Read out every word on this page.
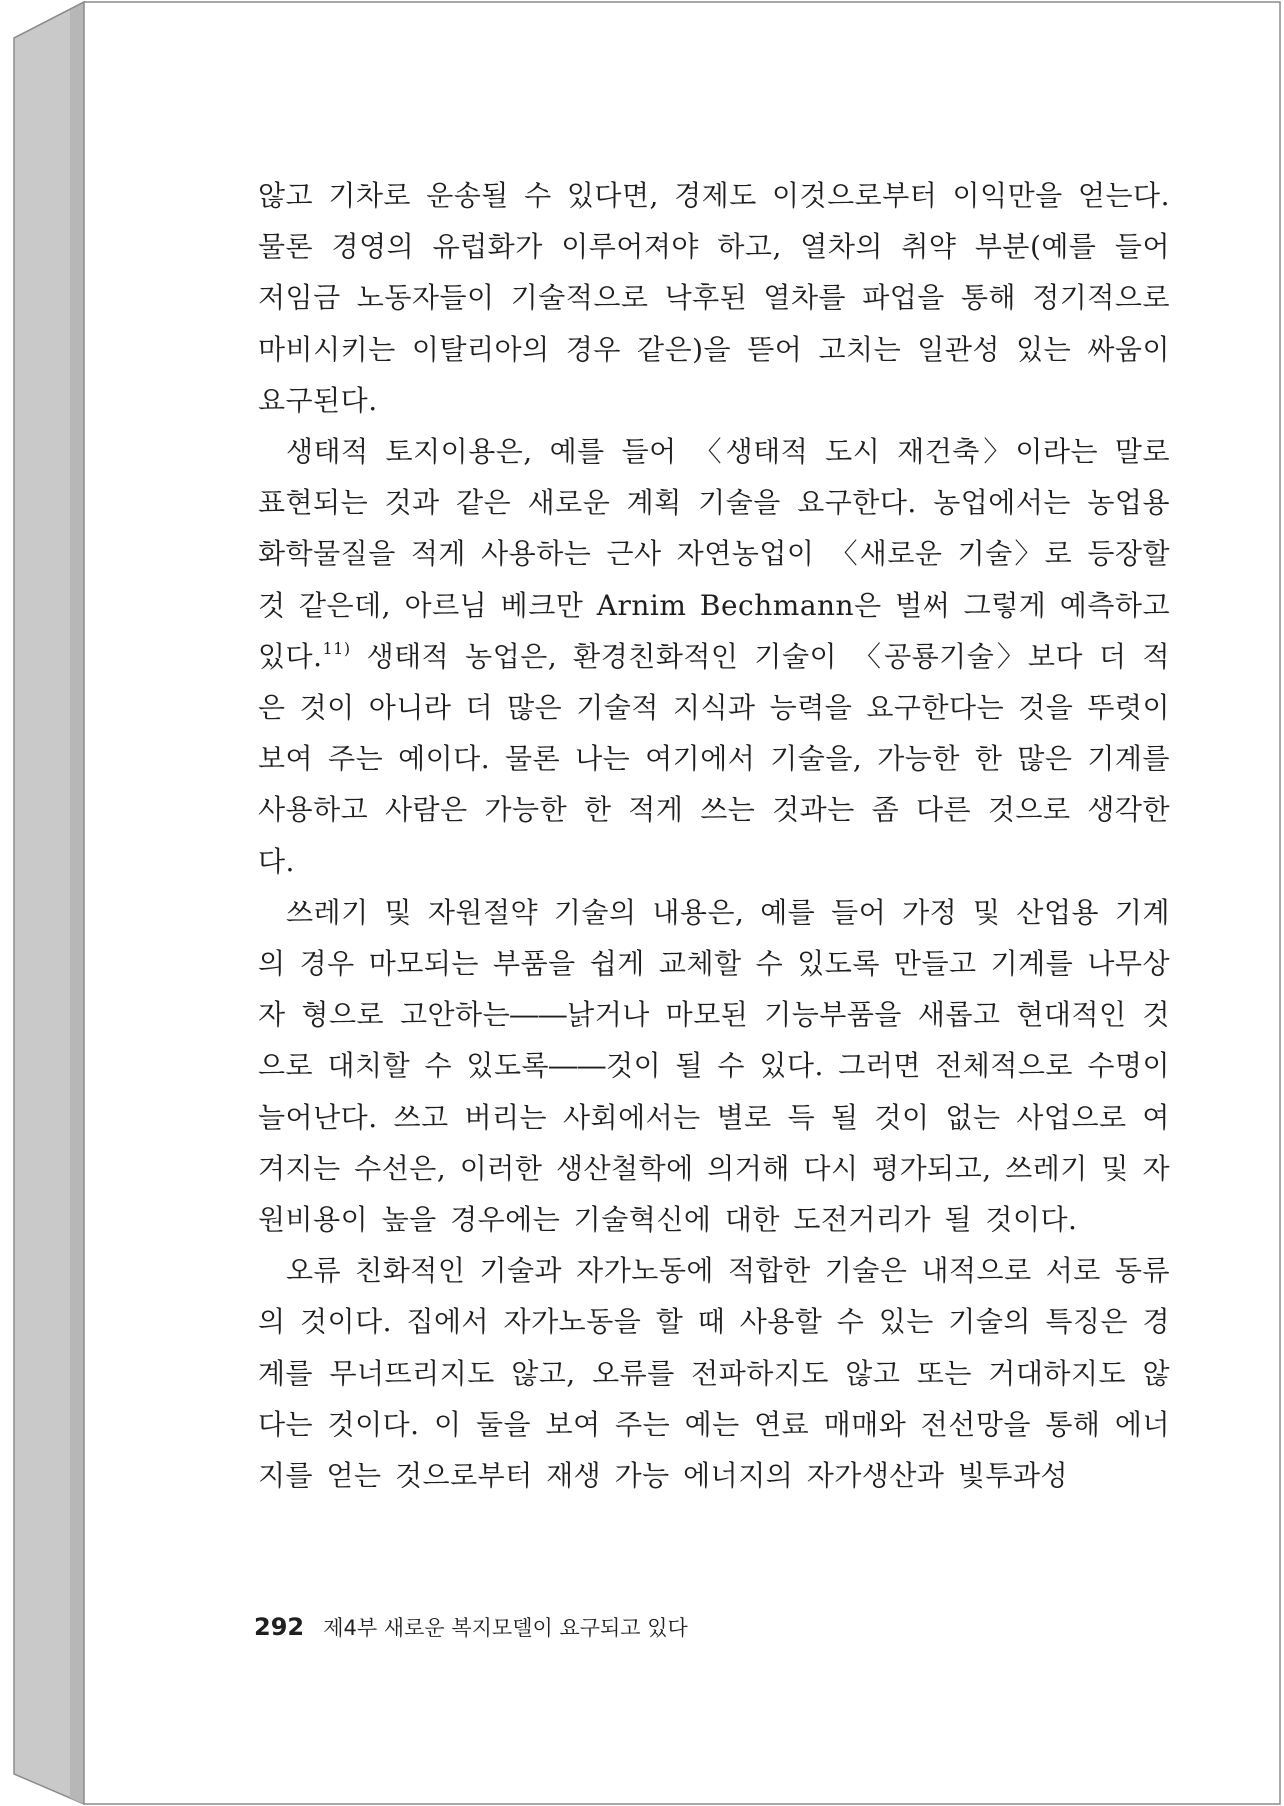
않고 기차로 운송될 수 있다면, 경제도 이것으로부터 이익만을 얻는다. 물론 경영의 유럽화가 이루어져야 하고, 열차의 취약 부분(예를 들어 저임금 노동자들이 기술적으로 낙후된 열차를 파업을 통해 정기적으로 마비시키는 이탈리아의 경우 같은)을 뜯어 고치는 일관성 있는 싸움이 요구된다.

생태적 토지이용은, 예를 들어 〈생태적 도시 재건축〉이라는 말로 표현되는 것과 같은 새로운 계획 기술을 요구한다. 농업에서는 농업용 화학물질을 적게 사용하는 근사 자연농업이 〈새로운 기술〉로 등장할 것 같은데, 아르님 베크만 Arnim Bechmann은 벌써 그렇게 예측하고 있다.$^{11)}$ 생태적 농업은, 환경친화적인 기술이 〈공룡기술〉보다 더 적은 것이 아니라 더 많은 기술적 지식과 능력을 요구한다는 것을 뚜렷이 보여 주는 예이다. 물론 나는 여기에서 기술을, 가능한 한 많은 기계를 사용하고 사람은 가능한 한 적게 쓰는 것과는 좀 다른 것으로 생각한다.

쓰레기 및 자원절약 기술의 내용은, 예를 들어 가정 및 산업용 기계의 경우 마모되는 부품을 쉽게 교체할 수 있도록 만들고 기계를 나무상자 형으로 고안하는――낡거나 마모된 기능부품을 새롭고 현대적인 것으로 대치할 수 있도록――것이 될 수 있다. 그러면 전체적으로 수명이 늘어난다. 쓰고 버리는 사회에서는 별로 득 될 것이 없는 사업으로 여겨지는 수선은, 이러한 생산철학에 의거해 다시 평가되고, 쓰레기 및 자원비용이 높을 경우에는 기술혁신에 대한 도전거리가 될 것이다.

오류 친화적인 기술과 자가노동에 적합한 기술은 내적으로 서로 동류의 것이다. 집에서 자가노동을 할 때 사용할 수 있는 기술의 특징은 경계를 무너뜨리지도 않고, 오류를 전파하지도 않고 또는 거대하지도 않다는 것이다. 이 둘을 보여 주는 예는 연료 매매와 전선망을 통해 에너지를 얻는 것으로부터 재생 가능 에너지의 자가생산과 빛투과성

292 제4부 새로운 복지모델이 요구되고 있다
